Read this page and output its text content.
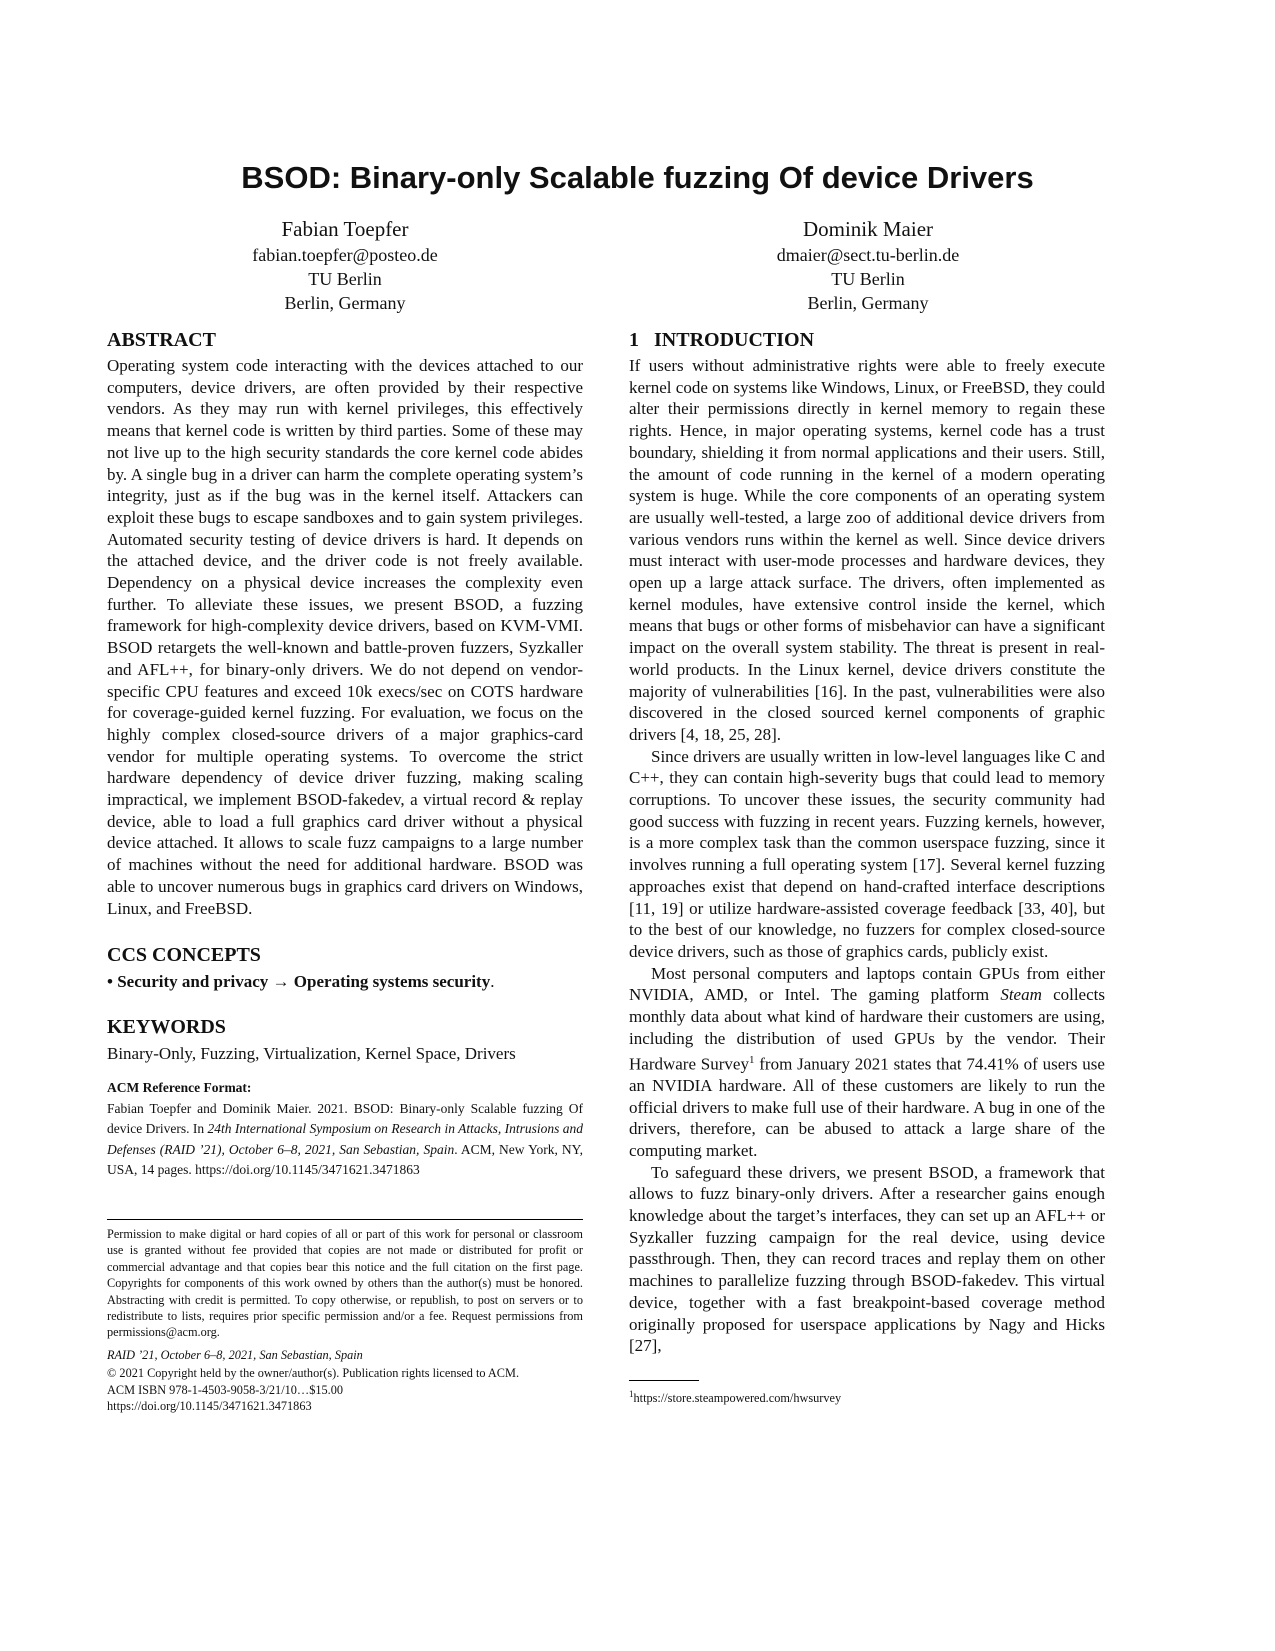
BSOD: Binary-only Scalable fuzzing Of device Drivers
Fabian Toepfer
fabian.toepfer@posteo.de
TU Berlin
Berlin, Germany
Dominik Maier
dmaier@sect.tu-berlin.de
TU Berlin
Berlin, Germany
ABSTRACT

Operating system code interacting with the devices attached to our computers, device drivers, are often provided by their respective vendors. As they may run with kernel privileges, this effectively means that kernel code is written by third parties. Some of these may not live up to the high security standards the core kernel code abides by. A single bug in a driver can harm the complete operating system’s integrity, just as if the bug was in the kernel itself. Attackers can exploit these bugs to escape sandboxes and to gain system privileges. Automated security testing of device drivers is hard. It depends on the attached device, and the driver code is not freely available. Dependency on a physical device increases the complexity even further. To alleviate these issues, we present BSOD, a fuzzing framework for high-complexity device drivers, based on KVM-VMI. BSOD retargets the well-known and battle-proven fuzzers, Syzkaller and AFL++, for binary-only drivers. We do not depend on vendor-specific CPU features and exceed 10k execs/sec on COTS hardware for coverage-guided kernel fuzzing. For evaluation, we focus on the highly complex closed-source drivers of a major graphics-card vendor for multiple operating systems. To overcome the strict hardware dependency of device driver fuzzing, making scaling impractical, we implement BSOD-fakedev, a virtual record & replay device, able to load a full graphics card driver without a physical device attached. It allows to scale fuzz campaigns to a large number of machines without the need for additional hardware. BSOD was able to uncover numerous bugs in graphics card drivers on Windows, Linux, and FreeBSD.

CCS CONCEPTS

• Security and privacy → Operating systems security.

KEYWORDS

Binary-Only, Fuzzing, Virtualization, Kernel Space, Drivers

ACM Reference Format:

Fabian Toepfer and Dominik Maier. 2021. BSOD: Binary-only Scalable fuzzing Of device Drivers. In 24th International Symposium on Research in Attacks, Intrusions and Defenses (RAID ’21), October 6–8, 2021, San Sebastian, Spain. ACM, New York, NY, USA, 14 pages. https://doi.org/10.1145/3471621.3471863

Permission to make digital or hard copies of all or part of this work for personal or classroom use is granted without fee provided that copies are not made or distributed for profit or commercial advantage and that copies bear this notice and the full citation on the first page. Copyrights for components of this work owned by others than the author(s) must be honored. Abstracting with credit is permitted. To copy otherwise, or republish, to post on servers or to redistribute to lists, requires prior specific permission and/or a fee. Request permissions from permissions@acm.org.

RAID ’21, October 6–8, 2021, San Sebastian, Spain

© 2021 Copyright held by the owner/author(s). Publication rights licensed to ACM.

ACM ISBN 978-1-4503-9058-3/21/10…$15.00

https://doi.org/10.1145/3471621.3471863

1   INTRODUCTION

If users without administrative rights were able to freely execute kernel code on systems like Windows, Linux, or FreeBSD, they could alter their permissions directly in kernel memory to regain these rights. Hence, in major operating systems, kernel code has a trust boundary, shielding it from normal applications and their users. Still, the amount of code running in the kernel of a modern operating system is huge. While the core components of an operating system are usually well-tested, a large zoo of additional device drivers from various vendors runs within the kernel as well. Since device drivers must interact with user-mode processes and hardware devices, they open up a large attack surface. The drivers, often implemented as kernel modules, have extensive control inside the kernel, which means that bugs or other forms of misbehavior can have a significant impact on the overall system stability. The threat is present in real-world products. In the Linux kernel, device drivers constitute the majority of vulnerabilities [16]. In the past, vulnerabilities were also discovered in the closed sourced kernel components of graphic drivers [4, 18, 25, 28].

Since drivers are usually written in low-level languages like C and C++, they can contain high-severity bugs that could lead to memory corruptions. To uncover these issues, the security community had good success with fuzzing in recent years. Fuzzing kernels, however, is a more complex task than the common userspace fuzzing, since it involves running a full operating system [17]. Several kernel fuzzing approaches exist that depend on hand-crafted interface descriptions [11, 19] or utilize hardware-assisted coverage feedback [33, 40], but to the best of our knowledge, no fuzzers for complex closed-source device drivers, such as those of graphics cards, publicly exist.

Most personal computers and laptops contain GPUs from either NVIDIA, AMD, or Intel. The gaming platform Steam collects monthly data about what kind of hardware their customers are using, including the distribution of used GPUs by the vendor. Their Hardware Survey$^1$ from January 2021 states that 74.41% of users use an NVIDIA hardware. All of these customers are likely to run the official drivers to make full use of their hardware. A bug in one of the drivers, therefore, can be abused to attack a large share of the computing market.

To safeguard these drivers, we present BSOD, a framework that allows to fuzz binary-only drivers. After a researcher gains enough knowledge about the target’s interfaces, they can set up an AFL++ or Syzkaller fuzzing campaign for the real device, using device passthrough. Then, they can record traces and replay them on other machines to parallelize fuzzing through BSOD-fakedev. This virtual device, together with a fast breakpoint-based coverage method originally proposed for userspace applications by Nagy and Hicks [27],

$^1$https://store.steampowered.com/hwsurvey
